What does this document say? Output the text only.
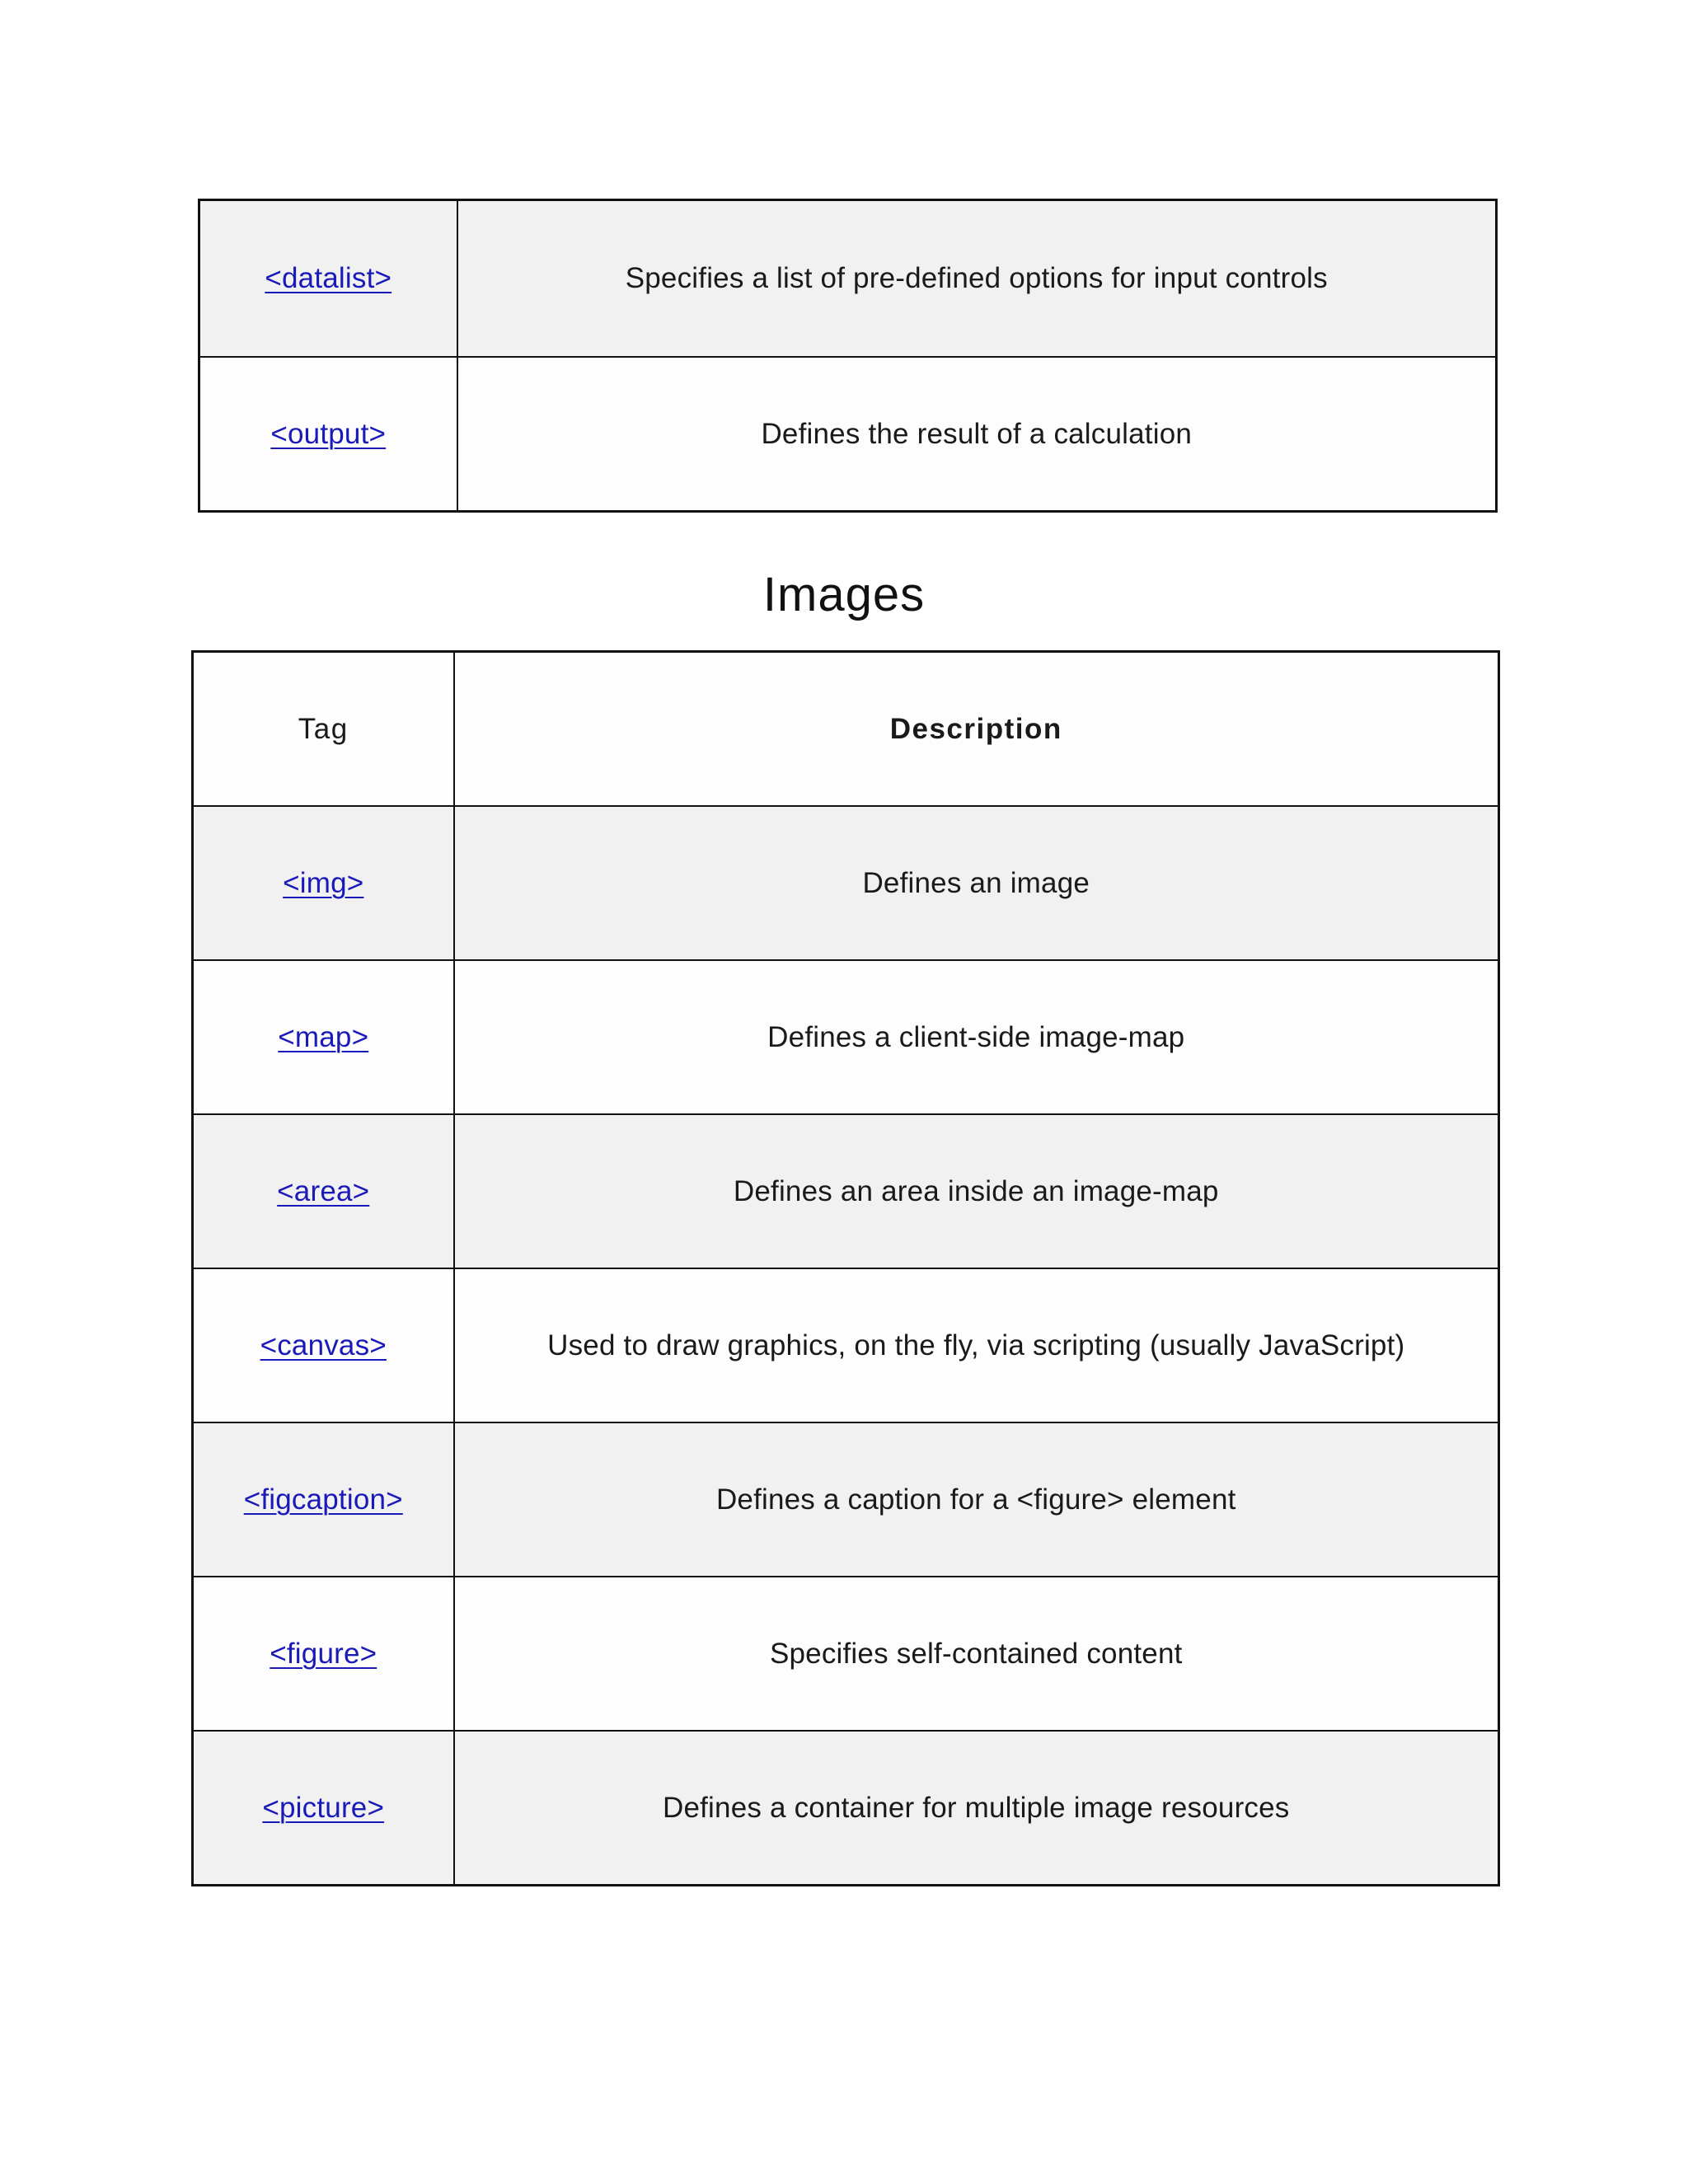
<datalist>	Specifies a list of pre-defined options for input controls
<output>	Defines the result of a calculation
Images
Tag	Description
<img>	Defines an image
<map>	Defines a client-side image-map
<area>	Defines an area inside an image-map
<canvas>	Used to draw graphics, on the fly, via scripting (usually JavaScript)
<figcaption>	Defines a caption for a <figure> element
<figure>	Specifies self-contained content
<picture>	Defines a container for multiple image resources
